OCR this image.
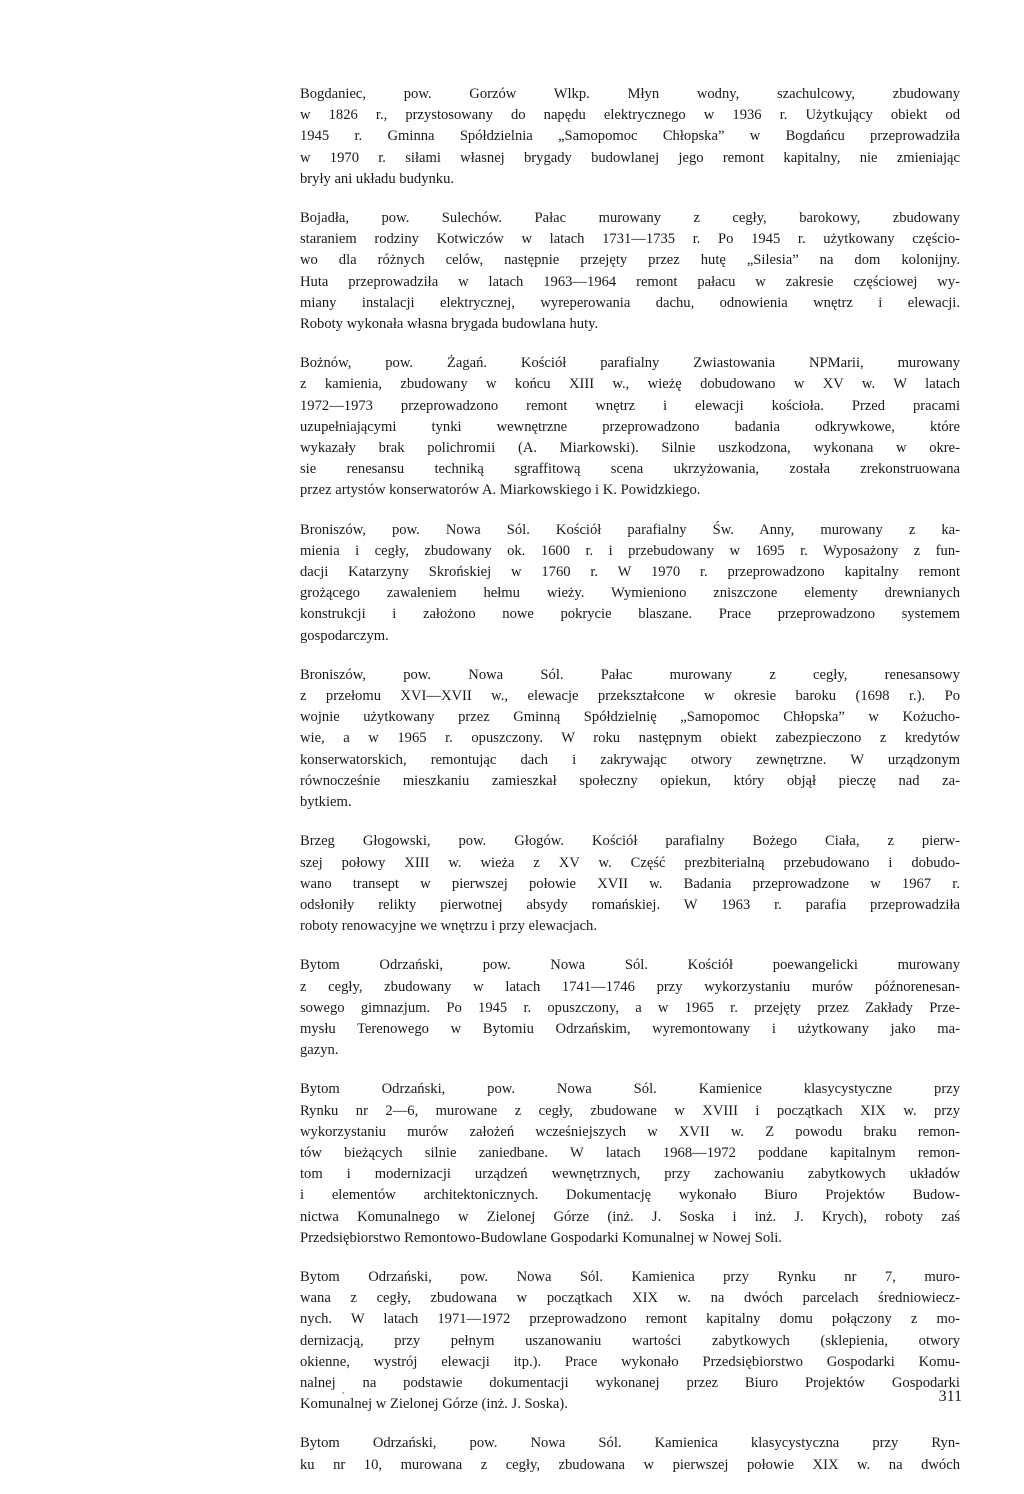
Bogdaniec, pow. Gorzów Wlkp. Młyn wodny, szachulcowy, zbudowany
w 1826 r., przystosowany do napędu elektrycznego w 1936 r. Użytkujący obiekt od
1945 r. Gminna Spółdzielnia „Samopomoc Chłopska” w Bogdańcu przeprowadziła
w 1970 r. siłami własnej brygady budowlanej jego remont kapitalny, nie zmieniając
bryły ani układu budynku.
Bojadła, pow. Sulechów. Pałac murowany z cegły, barokowy, zbudowany
staraniem rodziny Kotwiczów w latach 1731—1735 r. Po 1945 r. użytkowany częścio-
wo dla różnych celów, następnie przejęty przez hutę „Silesia” na dom kolonijny.
Huta przeprowadziła w latach 1963—1964 remont pałacu w zakresie częściowej wy-
miany instalacji elektrycznej, wyreperowania dachu, odnowienia wnętrz i elewacji.
Roboty wykonała własna brygada budowlana huty.
Bożnów, pow. Żagań. Kościół parafialny Zwiastowania NPMarii, murowany
z kamienia, zbudowany w końcu XIII w., wieżę dobudowano w XV w. W latach
1972—1973 przeprowadzono remont wnętrz i elewacji kościoła. Przed pracami
uzupełniającymi tynki wewnętrzne przeprowadzono badania odkrywkowe, które
wykazały brak polichromii (A. Miarkowski). Silnie uszkodzona, wykonana w okre-
sie renesansu techniką sgraffitową scena ukrzyżowania, została zrekonstruowana
przez artystów konserwatorów A. Miarkowskiego i K. Powidzkiego.
Broniszów, pow. Nowa Sól. Kościół parafialny Św. Anny, murowany z ka-
mienia i cegły, zbudowany ok. 1600 r. i przebudowany w 1695 r. Wyposażony z fun-
dacji Katarzyny Skrońskiej w 1760 r. W 1970 r. przeprowadzono kapitalny remont
grożącego zawaleniem hełmu wieży. Wymieniono zniszczone elementy drewnianych
konstrukcji i założono nowe pokrycie blaszane. Prace przeprowadzono systemem
gospodarczym.
Broniszów, pow. Nowa Sól. Pałac murowany z cegły, renesansowy
z przełomu XVI—XVII w., elewacje przekształcone w okresie baroku (1698 r.). Po
wojnie użytkowany przez Gminną Spółdzielnię „Samopomoc Chłopska” w Kożucho-
wie, a w 1965 r. opuszczony. W roku następnym obiekt zabezpieczono z kredytów
konserwatorskich, remontując dach i zakrywając otwory zewnętrzne. W urządzonym
równocześnie mieszkaniu zamieszkał społeczny opiekun, który objął pieczę nad za-
bytkiem.
Brzeg Głogowski, pow. Głogów. Kościół parafialny Bożego Ciała, z pierw-
szej połowy XIII w. wieża z XV w. Część prezbiterialną przebudowano i dobudo-
wano transept w pierwszej połowie XVII w. Badania przeprowadzone w 1967 r.
odsłoniły relikty pierwotnej absydy romańskiej. W 1963 r. parafia przeprowadziła
roboty renowacyjne we wnętrzu i przy elewacjach.
Bytom Odrzański, pow. Nowa Sól. Kościół poewangelicki murowany
z cegły, zbudowany w latach 1741—1746 przy wykorzystaniu murów późnorenesan-
sowego gimnazjum. Po 1945 r. opuszczony, a w 1965 r. przejęty przez Zakłady Prze-
mysłu Terenowego w Bytomiu Odrzańskim, wyremontowany i użytkowany jako ma-
gazyn.
Bytom Odrzański, pow. Nowa Sól. Kamienice klasycystyczne przy
Rynku nr 2—6, murowane z cegły, zbudowane w XVIII i początkach XIX w. przy
wykorzystaniu murów założeń wcześniejszych w XVII w. Z powodu braku remon-
tów bieżących silnie zaniedbane. W latach 1968—1972 poddane kapitalnym remon-
tom i modernizacji urządzeń wewnętrznych, przy zachowaniu zabytkowych układów
i elementów architektonicznych. Dokumentację wykonało Biuro Projektów Budow-
nictwa Komunalnego w Zielonej Górze (inż. J. Soska i inż. J. Krych), roboty zaś
Przedsiębiorstwo Remontowo-Budowlane Gospodarki Komunalnej w Nowej Soli.
Bytom Odrzański, pow. Nowa Sól. Kamienica przy Rynku nr 7, muro-
wana z cegły, zbudowana w początkach XIX w. na dwóch parcelach średniowiecz-
nych. W latach 1971—1972 przeprowadzono remont kapitalny domu połączony z mo-
dernizacją, przy pełnym uszanowaniu wartości zabytkowych (sklepienia, otwory
okienne, wystrój elewacji itp.). Prace wykonało Przedsiębiorstwo Gospodarki Komu-
nalnej na podstawie dokumentacji wykonanej przez Biuro Projektów Gospodarki
Komunalnej w Zielonej Górze (inż. J. Soska).
Bytom Odrzański, pow. Nowa Sól. Kamienica klasycystyczna przy Ryn-
ku nr 10, murowana z cegły, zbudowana w pierwszej połowie XIX w. na dwóch
311
